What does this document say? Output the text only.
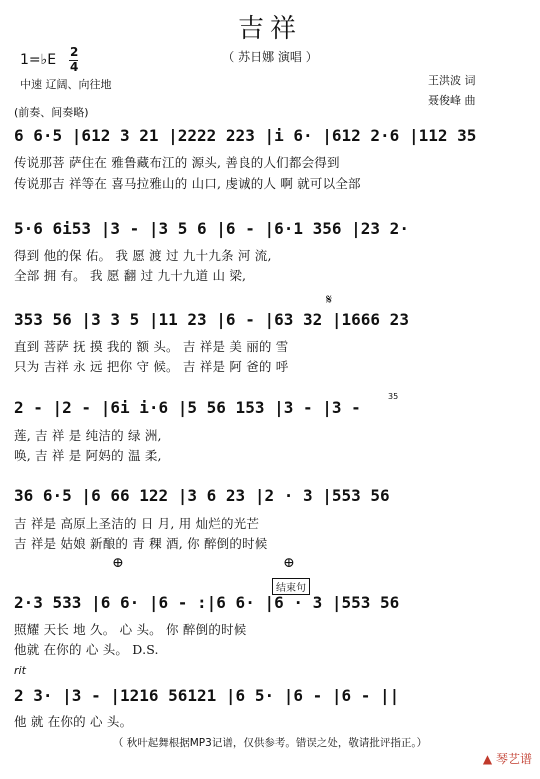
吉祥
（ 苏日娜 演唱 ）
1=♭E 2
4
中速 辽阔、向往地
(前奏、间奏略)
王洪波 词
聂俊峰 曲
6 6·5 |612 3 21 |2222 223 |i 6· |612 2·6 |112 35
传说那菩 萨住在 雅鲁藏布江的 源头, 善良的人们都会得到
传说那吉 祥等在 喜马拉雅山的 山口, 虔诚的人 啊 就可以全部
5·6 6i53 |3 - |3 5 6 |6 - |6·1 356 |23 2·
得到 他的保 佑。 我 愿 渡 过 九十九条 河 流,
全部 拥 有。 我 愿 翻 过 九十九道 山 梁,
𝄋
353 56 |3 3 5 |11 23 |6 - |63 32 |1666 23
直到 菩萨 抚 摸 我的 额 头。 吉 祥是 美 丽的 雪
只为 吉祥 永 远 把你 守 候。 吉 祥是 阿 爸的 呼
35
2 - |2 - |6i i·6 |5 56 153 |3 - |3 -
莲, 吉 祥 是 纯洁的 绿 洲,
唤, 吉 祥 是 阿妈的 温 柔,
36 6·5 |6 66 122 |3 6 23 |2 · 3 |553 56
吉 祥是 高原上圣洁的 日 月, 用 灿烂的光芒
吉 祥是 姑娘 新酿的 青 稞 酒, 你 醉倒的时候
⊕	⊕
结束句
2·3 533 |6 6· |6 - :|6 6· |6 · 3 |553 56
照耀 天长 地 久。 心 头。 你 醉倒的时候
他就 在你的 心 头。 D.S.
rit
2 3· |3 - |1216 56121 |6 5· |6 - |6 - ||
他 就 在你的 心 头。
（ 秋叶起舞根据MP3记谱，仅供参考。错误之处，敬请批评指正。）
▲ 琴艺谱
